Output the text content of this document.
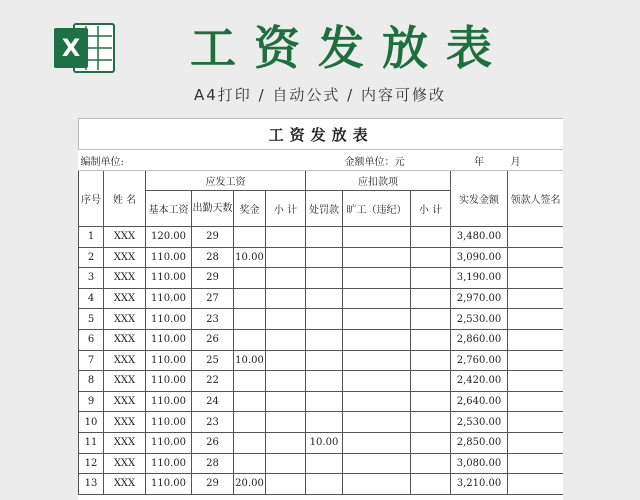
X	工资发放表
A4打印 / 自动公式 / 内容可修改
工资发放表										
编制单位:							金额单位：元		年	月
序号	姓 名	应发工资				应扣款项			实发金额	领款人签名
		基本工资	出勤天数	奖金	小 计	处罚款	旷工（违纪）	小 计		
1	XXX	120.00	29						3,480.00	
2	XXX	110.00	28	10.00					3,090.00	
3	XXX	110.00	29						3,190.00	
4	XXX	110.00	27						2,970.00	
5	XXX	110.00	23						2,530.00	
6	XXX	110.00	26						2,860.00	
7	XXX	110.00	25	10.00					2,760.00	
8	XXX	110.00	22						2,420.00	
9	XXX	110.00	24						2,640.00	
10	XXX	110.00	23						2,530.00	
11	XXX	110.00	26			10.00			2,850.00	
12	XXX	110.00	28						3,080.00	
13	XXX	110.00	29	20.00					3,210.00	
